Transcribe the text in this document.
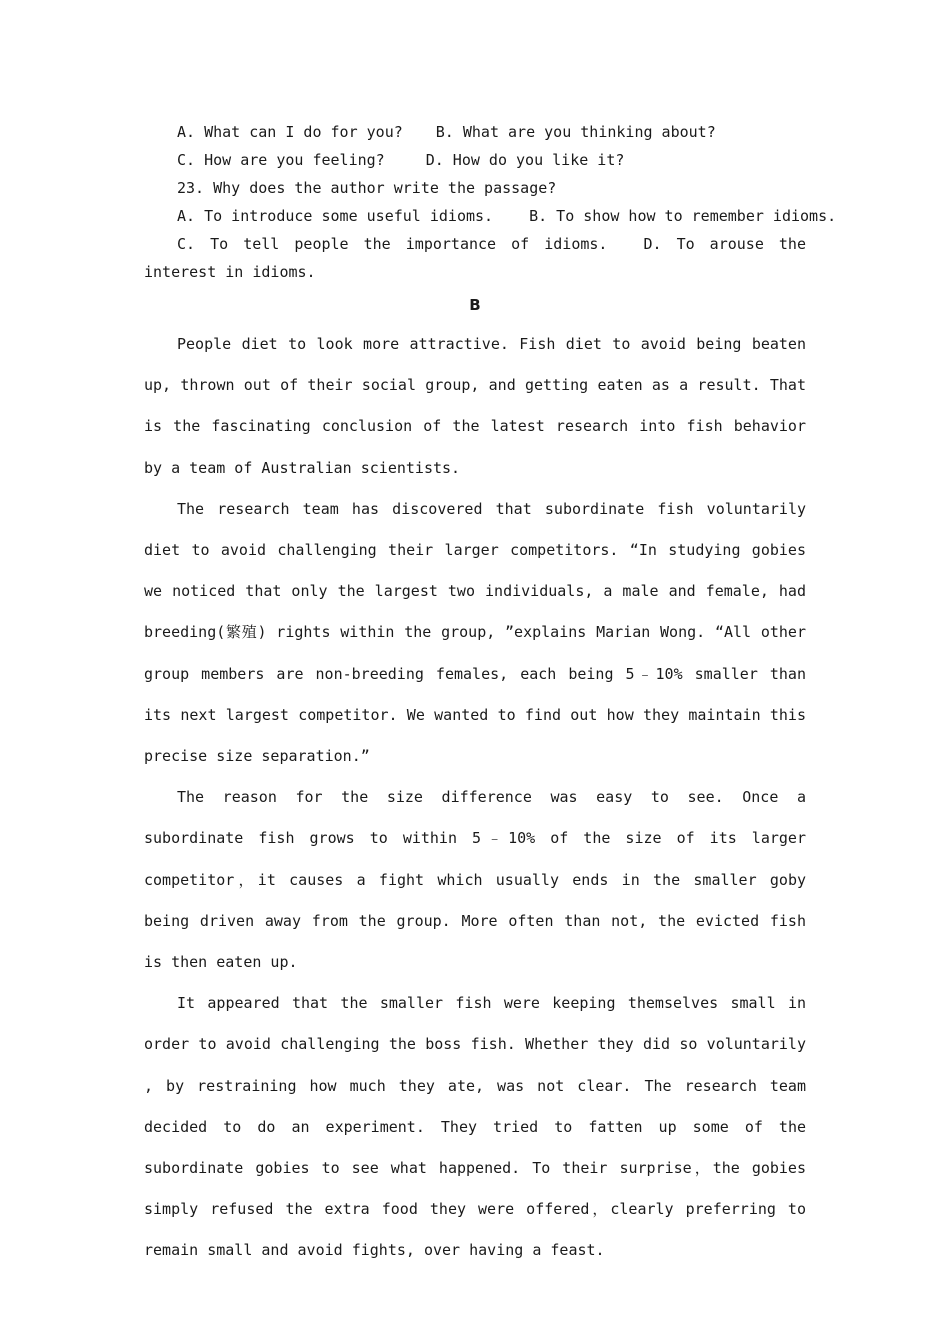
A. What can I do for you? B. What are you thinking about?

C. How are you feeling?	D. How do you like it?

23. Why does the author write the passage?

A. To introduce some useful idioms. B. To show how to remember idioms.

C. To tell people the importance of idioms. D. To arouse the interest in idioms.

B

People diet to look more attractive. Fish diet to avoid being beaten up, thrown out of their social group, and getting eaten as a result. That is the fascinating conclusion of the latest research into fish behavior by a team of Australian scientists.

The research team has discovered that subordinate fish voluntarily diet to avoid challenging their larger competitors. “In studying gobies we noticed that only the largest two individuals, a male and female, had breeding(繁殖) rights within the group, ”explains Marian Wong. “All other group members are non-breeding females, each being 5﹣10% smaller than its next largest competitor. We wanted to find out how they maintain this precise size separation.”

The reason for the size difference was easy to see. Once a subordinate fish grows to within 5﹣10% of the size of its larger competitor，it causes a fight which usually ends in the smaller goby being driven away from the group. More often than not, the evicted fish is then eaten up.

It appeared that the smaller fish were keeping themselves small in order to avoid challenging the boss fish. Whether they did so voluntarily , by restraining how much they ate, was not clear. The research team decided to do an experiment. They tried to fatten up some of the subordinate gobies to see what happened. To their surprise，the gobies simply refused the extra food they were offered，clearly preferring to remain small and avoid fights, over having a feast.
